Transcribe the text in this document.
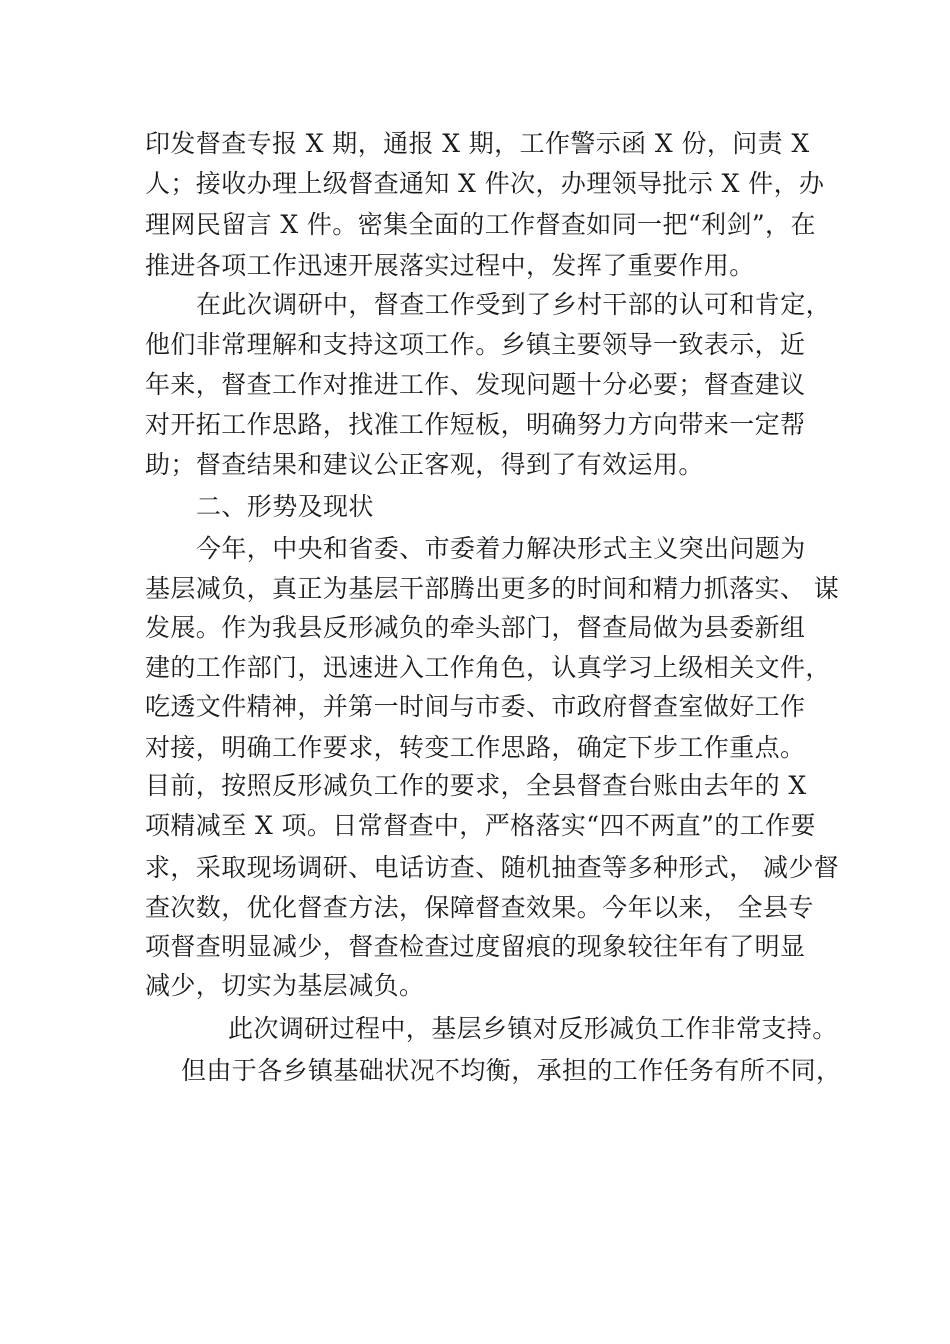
印发督查专报 X 期，通报 X 期，工作警示函 X 份，问责 X
人；接收办理上级督查通知 X 件次，办理领导批示 X 件，办
理网民留言 X 件。密集全面的工作督查如同一把“利剑”，在
推进各项工作迅速开展落实过程中，发挥了重要作用。
在此次调研中，督查工作受到了乡村干部的认可和肯定，
他们非常理解和支持这项工作。乡镇主要领导一致表示，近
年来，督查工作对推进工作、发现问题十分必要；督查建议
对开拓工作思路，找准工作短板，明确努力方向带来一定帮
助；督查结果和建议公正客观，得到了有效运用。
二、形势及现状
今年，中央和省委、市委着力解决形式主义突出问题为
基层减负，真正为基层干部腾出更多的时间和精力抓落实、 谋
发展。作为我县反形减负的牵头部门，督查局做为县委新组
建的工作部门，迅速进入工作角色，认真学习上级相关文件，
吃透文件精神，并第一时间与市委、市政府督查室做好工作
对接，明确工作要求，转变工作思路，确定下步工作重点。
目前，按照反形减负工作的要求，全县督查台账由去年的 X
项精减至 X 项。日常督查中，严格落实“四不两直”的工作要
求，采取现场调研、电话访查、随机抽查等多种形式， 减少督
查次数，优化督查方法，保障督查效果。今年以来， 全县专
项督查明显减少，督查检查过度留痕的现象较往年有了明显
减少，切实为基层减负。
此次调研过程中，基层乡镇对反形减负工作非常支持。
但由于各乡镇基础状况不均衡，承担的工作任务有所不同，
